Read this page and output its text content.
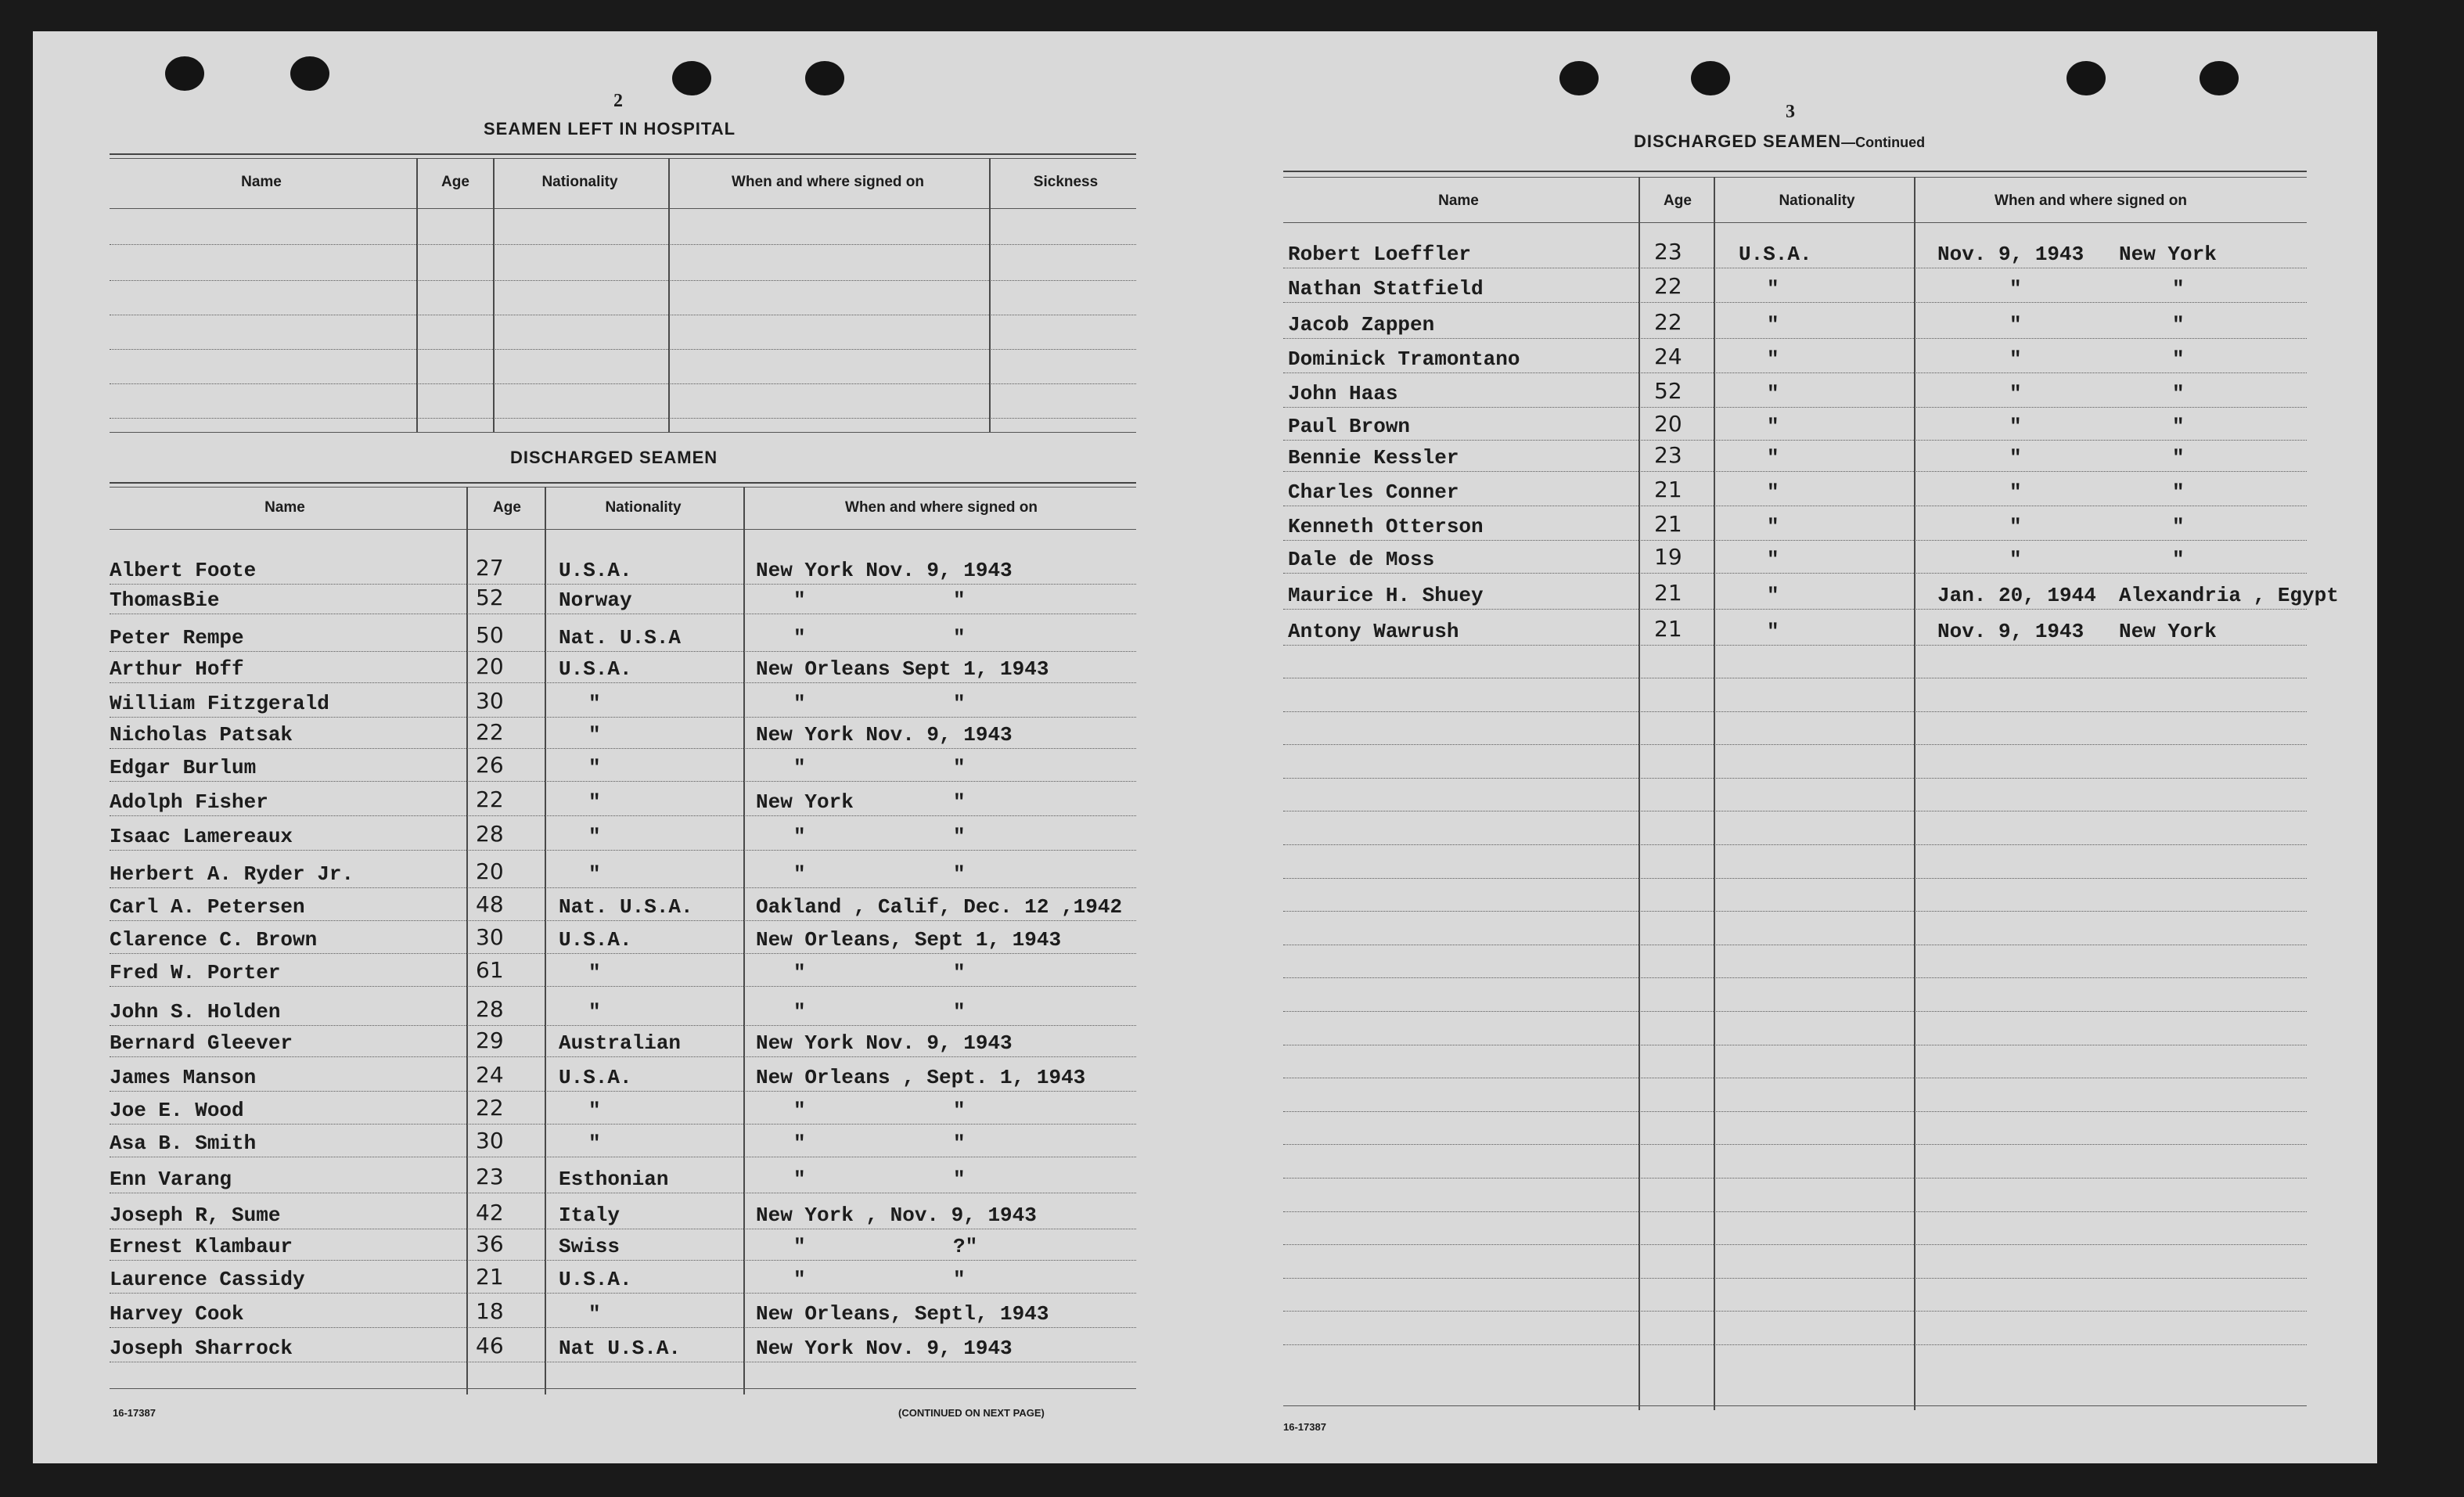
2
SEAMEN LEFT IN HOSPITAL
Name	Age	Nationality	When and where signed on	Sickness
DISCHARGED SEAMEN
Name	Age	Nationality	When and where signed on
Albert Foote	27	U.S.A.	New York Nov. 9, 1943
ThomasBie	52	Norway	"	"
Peter Rempe	50	Nat. U.S.A	"	"
Arthur Hoff	20	U.S.A.	New Orleans Sept 1, 1943
William Fitzgerald	30	"	"	"
Nicholas Patsak	22	"	New York Nov. 9, 1943
Edgar Burlum	26	"	"	"
Adolph Fisher	22	"	New York	"
Isaac Lamereaux	28	"	"	"
Herbert A. Ryder Jr.	20	"	"	"
Carl A. Petersen	48	Nat. U.S.A.	Oakland , Calif, Dec. 12 ,1942
Clarence C. Brown	30	U.S.A.	New Orleans, Sept 1, 1943
Fred W. Porter	61	"	"	"
John S. Holden	28	"	"	"
Bernard Gleever	29	Australian	New York Nov. 9, 1943
James Manson	24	U.S.A.	New Orleans , Sept. 1, 1943
Joe E. Wood	22	"	"	"
Asa B. Smith	30	"	"	"
Enn Varang	23	Esthonian	"	"
Joseph R, Sume	42	Italy	New York , Nov. 9, 1943
Ernest Klambaur	36	Swiss	"	?"
Laurence Cassidy	21	U.S.A.	"	"
Harvey Cook	18	"	New Orleans, Septl, 1943
Joseph Sharrock	46	Nat U.S.A.	New York Nov. 9, 1943
16-17387	(CONTINUED ON NEXT PAGE)
3
DISCHARGED SEAMEN—Continued
Name	Age	Nationality	When and where signed on
Robert Loeffler	23	U.S.A.	Nov. 9, 1943 New York
Nathan Statfield	22	"	"	"
Jacob Zappen	22	"	"	"
Dominick Tramontano	24	"	"	"
John Haas	52	"	"	"
Paul Brown	20	"	"	"
Bennie Kessler	23	"	"	"
Charles Conner	21	"	"	"
Kenneth Otterson	21	"	"	"
Dale de Moss	19	"	"	"
Maurice H. Shuey	21	"	Jan. 20, 1944 Alexandria , Egypt
Antony Wawrush	21	"	Nov. 9, 1943 New York
16-17387
